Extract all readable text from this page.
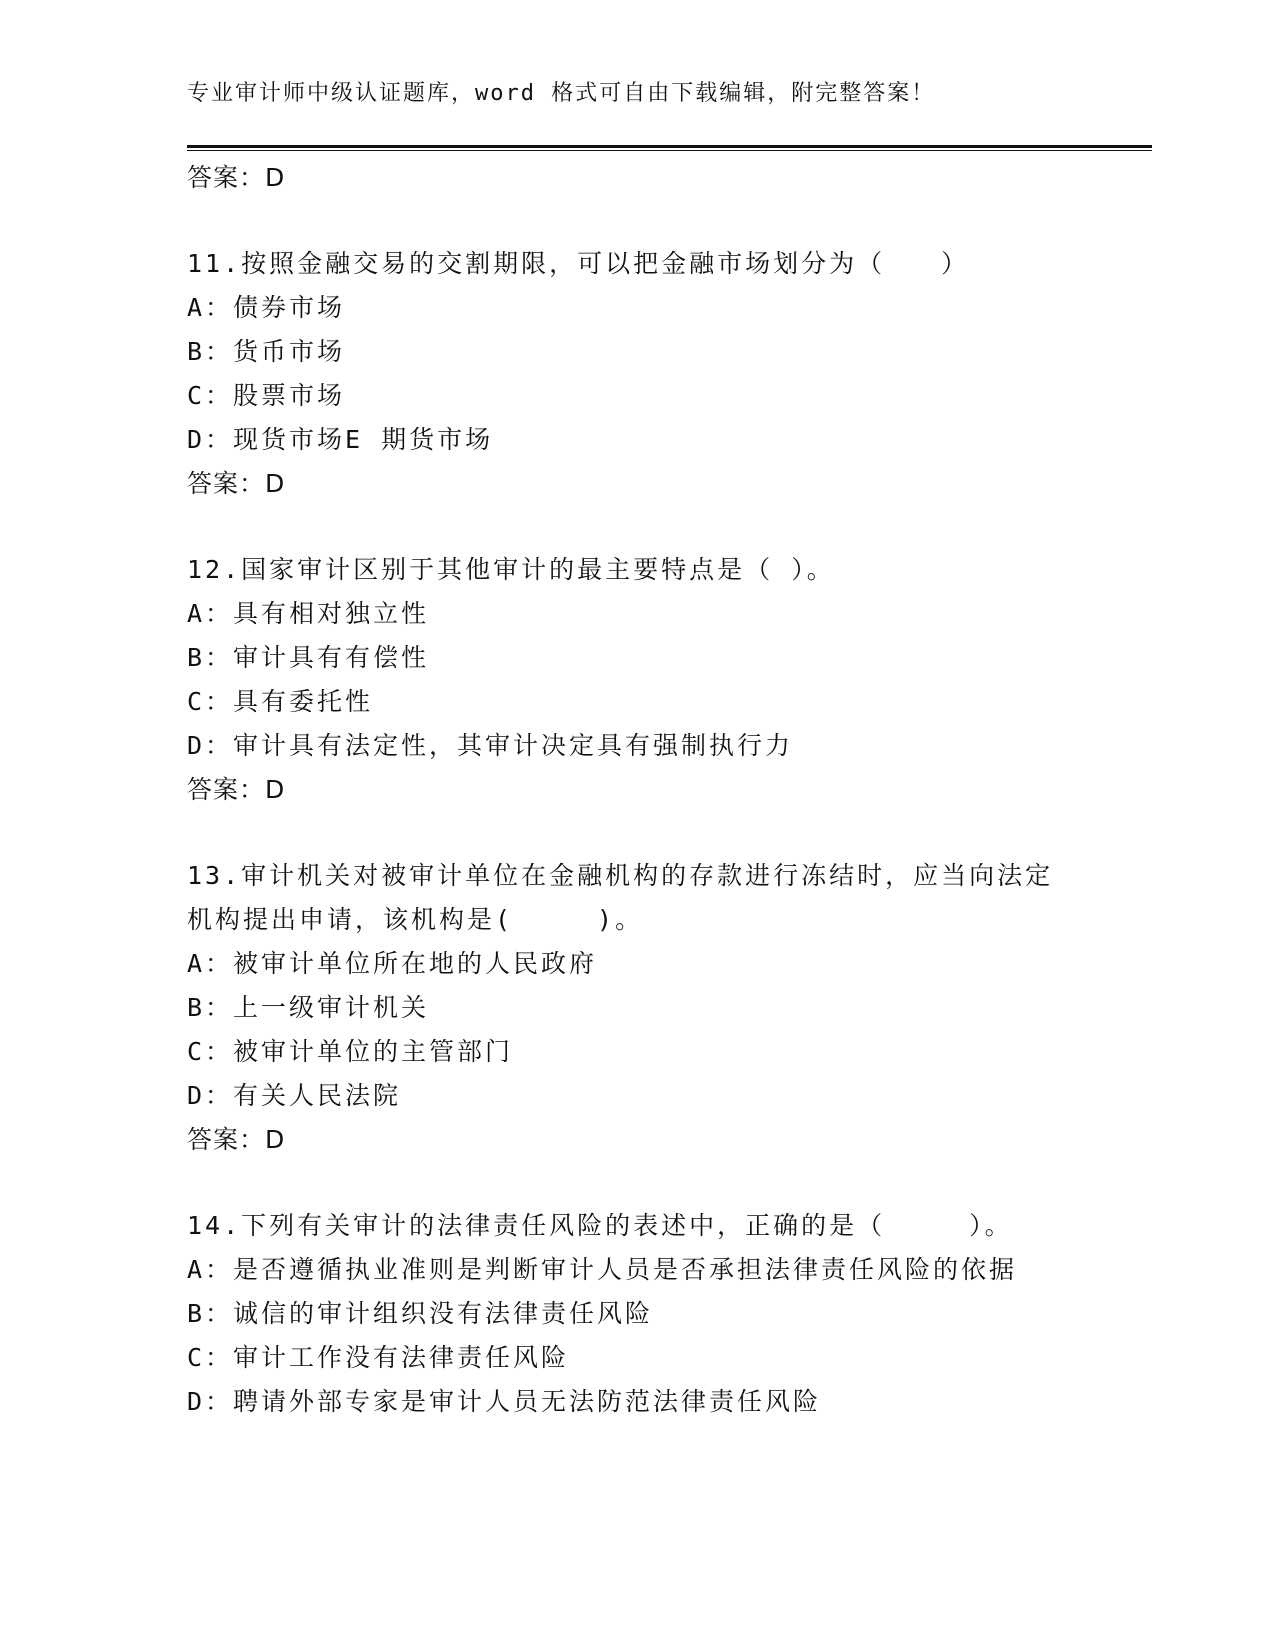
专业审计师中级认证题库，word 格式可自由下载编辑，附完整答案！
答案：D
11.按照金融交易的交割期限，可以把金融市场划分为（　　）
A：债券市场
B：货币市场
C：股票市场
D：现货市场E 期货市场
答案：D
12.国家审计区别于其他审计的最主要特点是（ ）。
A：具有相对独立性
B：审计具有有偿性
C：具有委托性
D：审计具有法定性，其审计决定具有强制执行力
答案：D
13.审计机关对被审计单位在金融机构的存款进行冻结时，应当向法定
机构提出申请，该机构是(　　　)。
A：被审计单位所在地的人民政府
B：上一级审计机关
C：被审计单位的主管部门
D：有关人民法院
答案：D
14.下列有关审计的法律责任风险的表述中，正确的是（　　　）。
A：是否遵循执业准则是判断审计人员是否承担法律责任风险的依据
B：诚信的审计组织没有法律责任风险
C：审计工作没有法律责任风险
D：聘请外部专家是审计人员无法防范法律责任风险
